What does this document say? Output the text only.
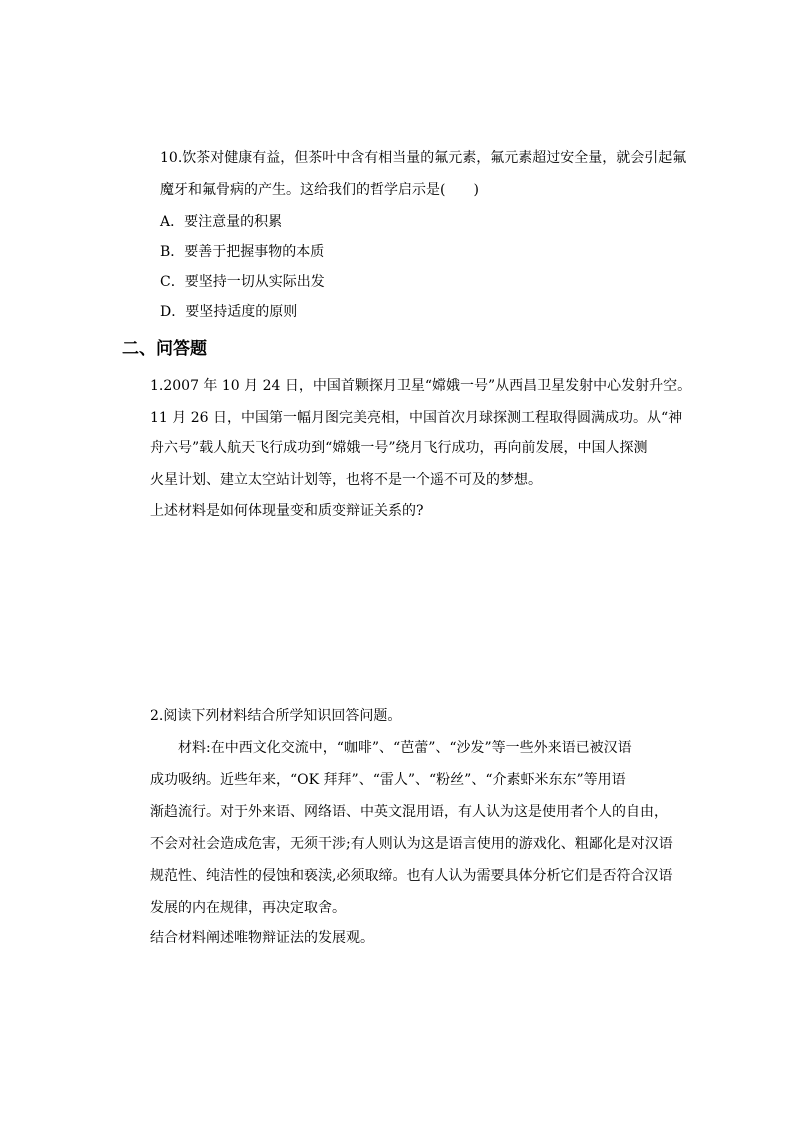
10.饮茶对健康有益，但茶叶中含有相当量的氟元素，氟元素超过安全量，就会引起氟
魔牙和氟骨病的产生。这给我们的哲学启示是(　　)
A．要注意量的积累
B．要善于把握事物的本质
C．要坚持一切从实际出发
D．要坚持适度的原则
二、问答题
1.2007 年 10 月 24 日，中国首颗探月卫星“嫦娥一号”从西昌卫星发射中心发射升空。
11 月 26 日，中国第一幅月图完美亮相，中国首次月球探测工程取得圆满成功。从“神
舟六号”载人航天飞行成功到“嫦娥一号”绕月飞行成功，再向前发展，中国人探测
火星计划、建立太空站计划等，也将不是一个遥不可及的梦想。
上述材料是如何体现量变和质变辩证关系的?
2.阅读下列材料结合所学知识回答问题。
材料:在中西文化交流中，“咖啡”、“芭蕾”、“沙发”等一些外来语已被汉语
成功吸纳。近些年来，“OK 拜拜”、“雷人”、“粉丝”、“介素虾米东东”等用语
渐趋流行。对于外来语、网络语、中英文混用语，有人认为这是使用者个人的自由，
不会对社会造成危害，无须干涉;有人则认为这是语言使用的游戏化、粗鄙化是对汉语
规范性、纯洁性的侵蚀和亵渎,必须取缔。也有人认为需要具体分析它们是否符合汉语
发展的内在规律，再决定取舍。
结合材料阐述唯物辩证法的发展观。
